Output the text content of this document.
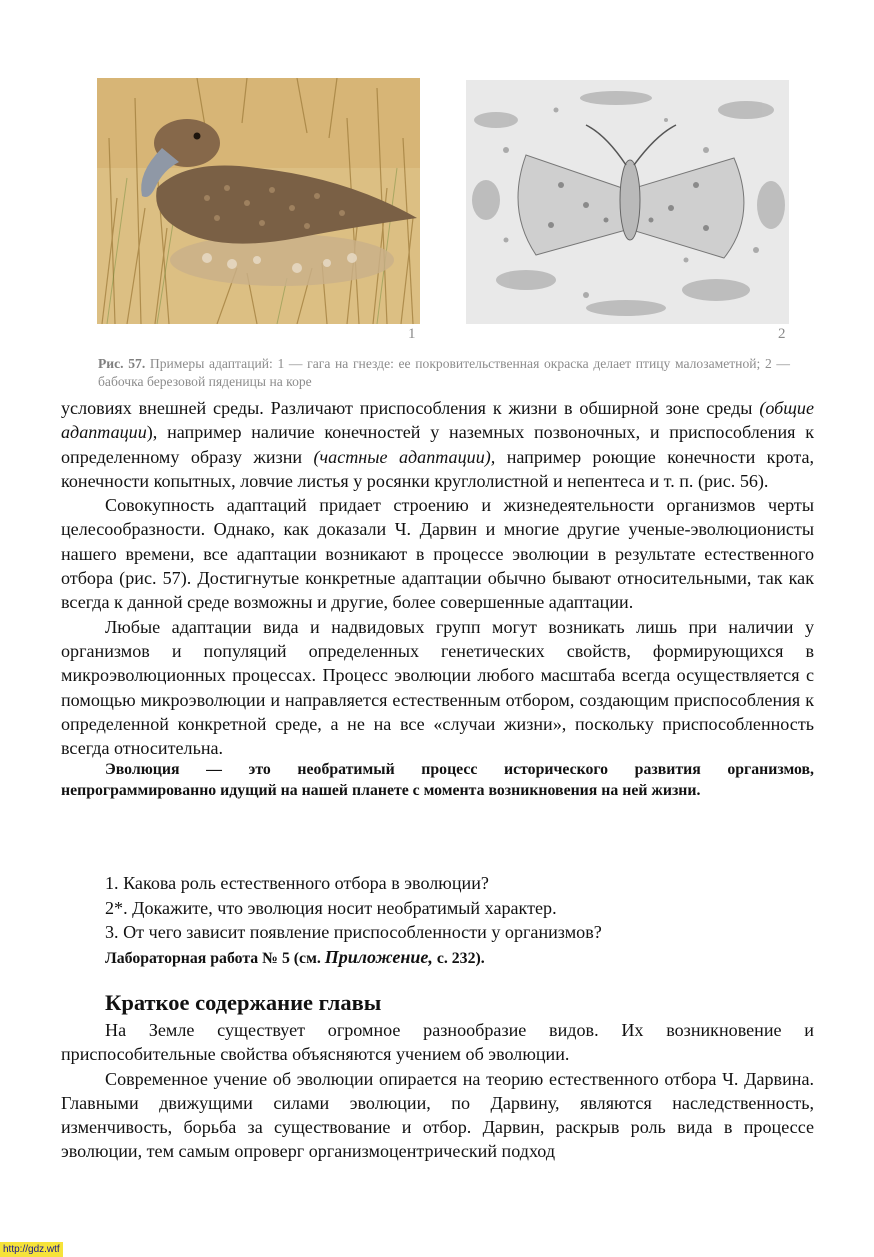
1	2
Рис. 57. Примеры адаптаций: 1 — гага на гнезде: ее покровительственная окраска делает птицу малозаметной; 2 — бабочка березовой пяденицы на коре

условиях внешней среды. Различают приспособления к жизни в обширной зоне среды (общие адаптации), например наличие конечностей у наземных позвоночных, и приспособления к определенному образу жизни (частные адаптации), например роющие конечности крота, конечности копытных, ловчие листья у росянки круглолистной и непентеса и т. п. (рис. 56).

Совокупность адаптаций придает строению и жизнедеятельности организмов черты целесообразности. Однако, как доказали Ч. Дарвин и многие другие ученые-эволюционисты нашего времени, все адаптации возникают в процессе эволюции в результате естественного отбора (рис. 57). Достигнутые конкретные адаптации обычно бывают относительными, так как всегда к данной среде возможны и другие, более совершенные адаптации.

Любые адаптации вида и надвидовых групп могут возникать лишь при наличии у организмов и популяций определенных генетических свойств, формирующихся в микроэволюционных процессах. Процесс эволюции любого масштаба всегда осуществляется с помощью микроэволюции и направляется естественным отбором, создающим приспособления к определенной конкретной среде, а не на все «случаи жизни», поскольку приспособленность всегда относительна.

Эволюция — это необратимый процесс исторического развития организмов, непрограммированно идущий на нашей планете с момента возникновения на ней жизни.

1. Какова роль естественного отбора в эволюции?

2*. Докажите, что эволюция носит необратимый характер.

3. От чего зависит появление приспособленности у организмов?

Лабораторная работа № 5 (см. Приложение, с. 232).

Краткое содержание главы

На Земле существует огромное разнообразие видов. Их возникновение и приспособительные свойства объясняются учением об эволюции.

Современное учение об эволюции опирается на теорию естественного отбора Ч. Дарвина. Главными движущими силами эволюции, по Дарвину, являются наследственность, изменчивость, борьба за существование и отбор. Дарвин, раскрыв роль вида в процессе эволюции, тем самым опроверг организмоцентрический подход

http://gdz.wtf
